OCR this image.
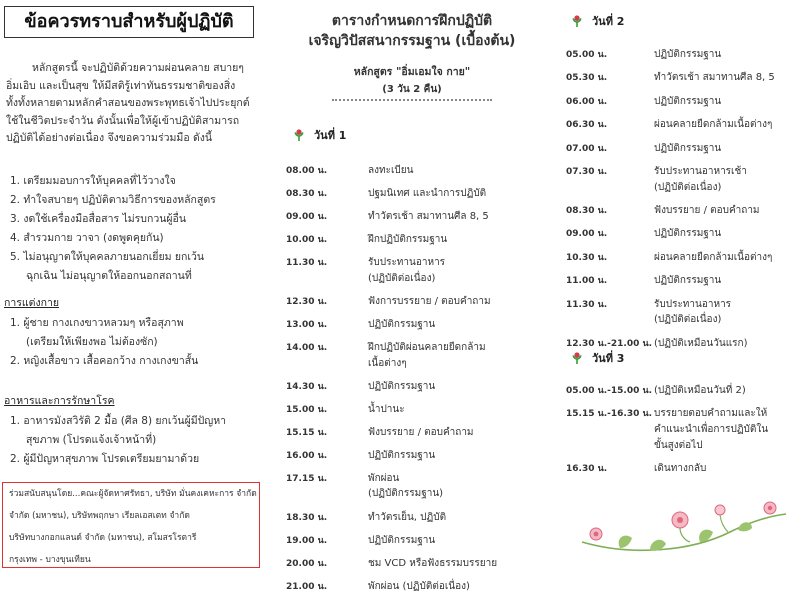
ข้อควรทราบสำหรับผู้ปฏิบัติ

หลักสูตรนี้ จะปฏิบัติด้วยความผ่อนคลาย สบายๆ

อิ่มเอิบ และเป็นสุข ให้มีสติรู้เท่าทันธรรมชาติของสิ่ง
ทั้งทั้งหลายตามหลักคำสอนของพระพุทธเจ้าไปประยุกต์
ใช้ในชีวิตประจำวัน ดังนั้นเพื่อให้ผู้เข้าปฏิบัติสามารถ
ปฏิบัติได้อย่างต่อเนื่อง จึงขอความร่วมมือ ดังนี้
1. เตรียมมอบการให้บุคคลที่ไว้วางใจ
2. ทำใจสบายๆ ปฏิบัติตามวิธีการของหลักสูตร
3. งดใช้เครื่องมือสื่อสาร ไม่รบกวนผู้อื่น
4. สำรวมกาย วาจา (งดพูดคุยกัน)
5. ไม่อนุญาตให้บุคคลภายนอกเยี่ยม ยกเว้น
ฉุกเฉิน ไม่อนุญาตให้ออกนอกสถานที่
การแต่งกาย
1. ผู้ชาย กางเกงขาวหลวมๆ หรือสุภาพ
(เตรียมให้เพียงพอ ไม่ต้องซัก)
2. หญิงเสื้อขาว เสื้อคอกว้าง กางเกงขาสั้น
อาหารและการรักษาโรค
1. อาหารมังสวิรัติ 2 มื้อ (ศีล 8) ยกเว้นผู้มีปัญหา
สุขภาพ (โปรดแจ้งเจ้าหน้าที่)
2. ผู้มีปัญหาสุขภาพ โปรดเตรียมยามาด้วย
ร่วมสนับสนุนโดย...คณะผู้จัดหาศรัทธา, บริษัท มั่นคงเคหะการ จำกัด
จำกัด (มหาชน), บริษัทพฤกษา เรียลเอสเตท จำกัด
บริษัทบางกอกแลนด์ จำกัด (มหาชน), สโมสรโรตารี
กรุงเทพ - บางขุนเทียน
ตารางกำหนดการฝึกปฏิบัติ
เจริญวิปัสสนากรรมฐาน (เบื้องต้น)
หลักสูตร "อิ่มเอมใจ กาย"
(3 วัน 2 คืน)
วันที่ 1
08.00 น.	ลงทะเบียน
08.30 น.	ปฐมนิเทศ และนำการปฏิบัติ
09.00 น.	ทำวัตรเช้า สมาทานศีล 8, 5
10.00 น.	ฝึกปฏิบัติกรรมฐาน
11.30 น.	รับประทานอาหาร
(ปฏิบัติต่อเนื่อง)
12.30 น.	ฟังการบรรยาย / ตอบคำถาม
13.00 น.	ปฏิบัติกรรมฐาน
14.00 น.	ฝึกปฏิบัติผ่อนคลายยืดกล้าม
เนื้อต่างๆ
14.30 น.	ปฏิบัติกรรมฐาน
15.00 น.	น้ำปานะ
15.15 น.	ฟังบรรยาย / ตอบคำถาม
16.00 น.	ปฏิบัติกรรมฐาน
17.15 น.	พักผ่อน
(ปฏิบัติกรรมฐาน)
18.30 น.	ทำวัตรเย็น, ปฏิบัติ
19.00 น.	ปฏิบัติกรรมฐาน
20.00 น.	ชม VCD หรือฟังธรรมบรรยาย
21.00 น.	พักผ่อน (ปฏิบัติต่อเนื่อง)
วันที่ 2
05.00 น.	ปฏิบัติกรรมฐาน
05.30 น.	ทำวัตรเช้า สมาทานศีล 8, 5
06.00 น.	ปฏิบัติกรรมฐาน
06.30 น.	ผ่อนคลายยืดกล้ามเนื้อต่างๆ
07.00 น.	ปฏิบัติกรรมฐาน
07.30 น.	รับประทานอาหารเช้า
(ปฏิบัติต่อเนื่อง)
08.30 น.	ฟังบรรยาย / ตอบคำถาม
09.00 น.	ปฏิบัติกรรมฐาน
10.30 น.	ผ่อนคลายยืดกล้ามเนื้อต่างๆ
11.00 น.	ปฏิบัติกรรมฐาน
11.30 น.	รับประทานอาหาร
(ปฏิบัติต่อเนื่อง)
12.30 น.-21.00 น. (ปฏิบัติเหมือนวันแรก)
วันที่ 3
05.00 น.-15.00 น. (ปฏิบัติเหมือนวันที่ 2)
15.15 น.-16.30 น. บรรยายตอบคำถามและให้
คำแนะนำเพื่อการปฏิบัติใน
ขั้นสูงต่อไป
16.30 น.	เดินทางกลับ
